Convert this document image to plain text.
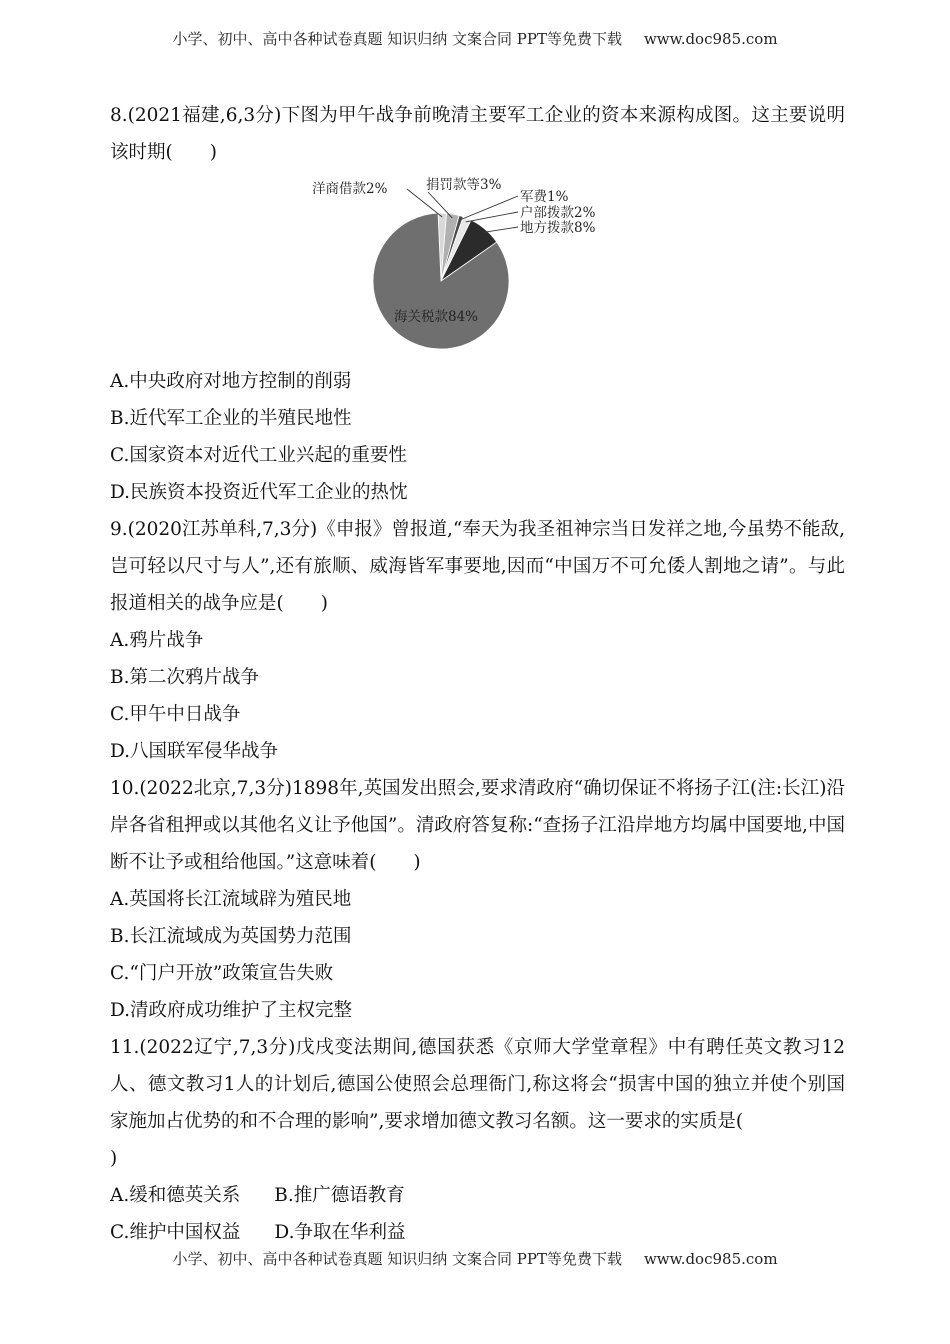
小学、初中、高中各种试卷真题 知识归纳 文案合同 PPT等免费下载 www.doc985.com

8.(2021福建,6,3分)下图为甲午战争前晚清主要军工企业的资本来源构成图。这主要说明该时期(　　)

海关税款84%
地方拨款8%
户部拨款2%
军费1%
捐罚款等3%
洋商借款2%

A.中央政府对地方控制的削弱

B.近代军工企业的半殖民地性

C.国家资本对近代工业兴起的重要性

D.民族资本投资近代军工企业的热忱

9.(2020江苏单科,7,3分)《申报》曾报道,“奉天为我圣祖神宗当日发祥之地,今虽势不能敌,岂可轻以尺寸与人”,还有旅顺、威海皆军事要地,因而“中国万不可允倭人割地之请”。与此报道相关的战争应是(　　)

A.鸦片战争

B.第二次鸦片战争

C.甲午中日战争

D.八国联军侵华战争

10.(2022北京,7,3分)1898年,英国发出照会,要求清政府“确切保证不将扬子江(注:长江)沿岸各省租押或以其他名义让予他国”。清政府答复称:“查扬子江沿岸地方均属中国要地,中国断不让予或租给他国。”这意味着(　　)

A.英国将长江流域辟为殖民地

B.长江流域成为英国势力范围

C.“门户开放”政策宣告失败

D.清政府成功维护了主权完整

11.(2022辽宁,7,3分)戊戌变法期间,德国获悉《京师大学堂章程》中有聘任英文教习12人、德文教习1人的计划后,德国公使照会总理衙门,称这将会“损害中国的独立并使个别国家施加占优势的和不合理的影响”,要求增加德文教习名额。这一要求的实质是(

)

A.缓和德英关系 B.推广德语教育

C.维护中国权益 D.争取在华利益

小学、初中、高中各种试卷真题 知识归纳 文案合同 PPT等免费下载 www.doc985.com
